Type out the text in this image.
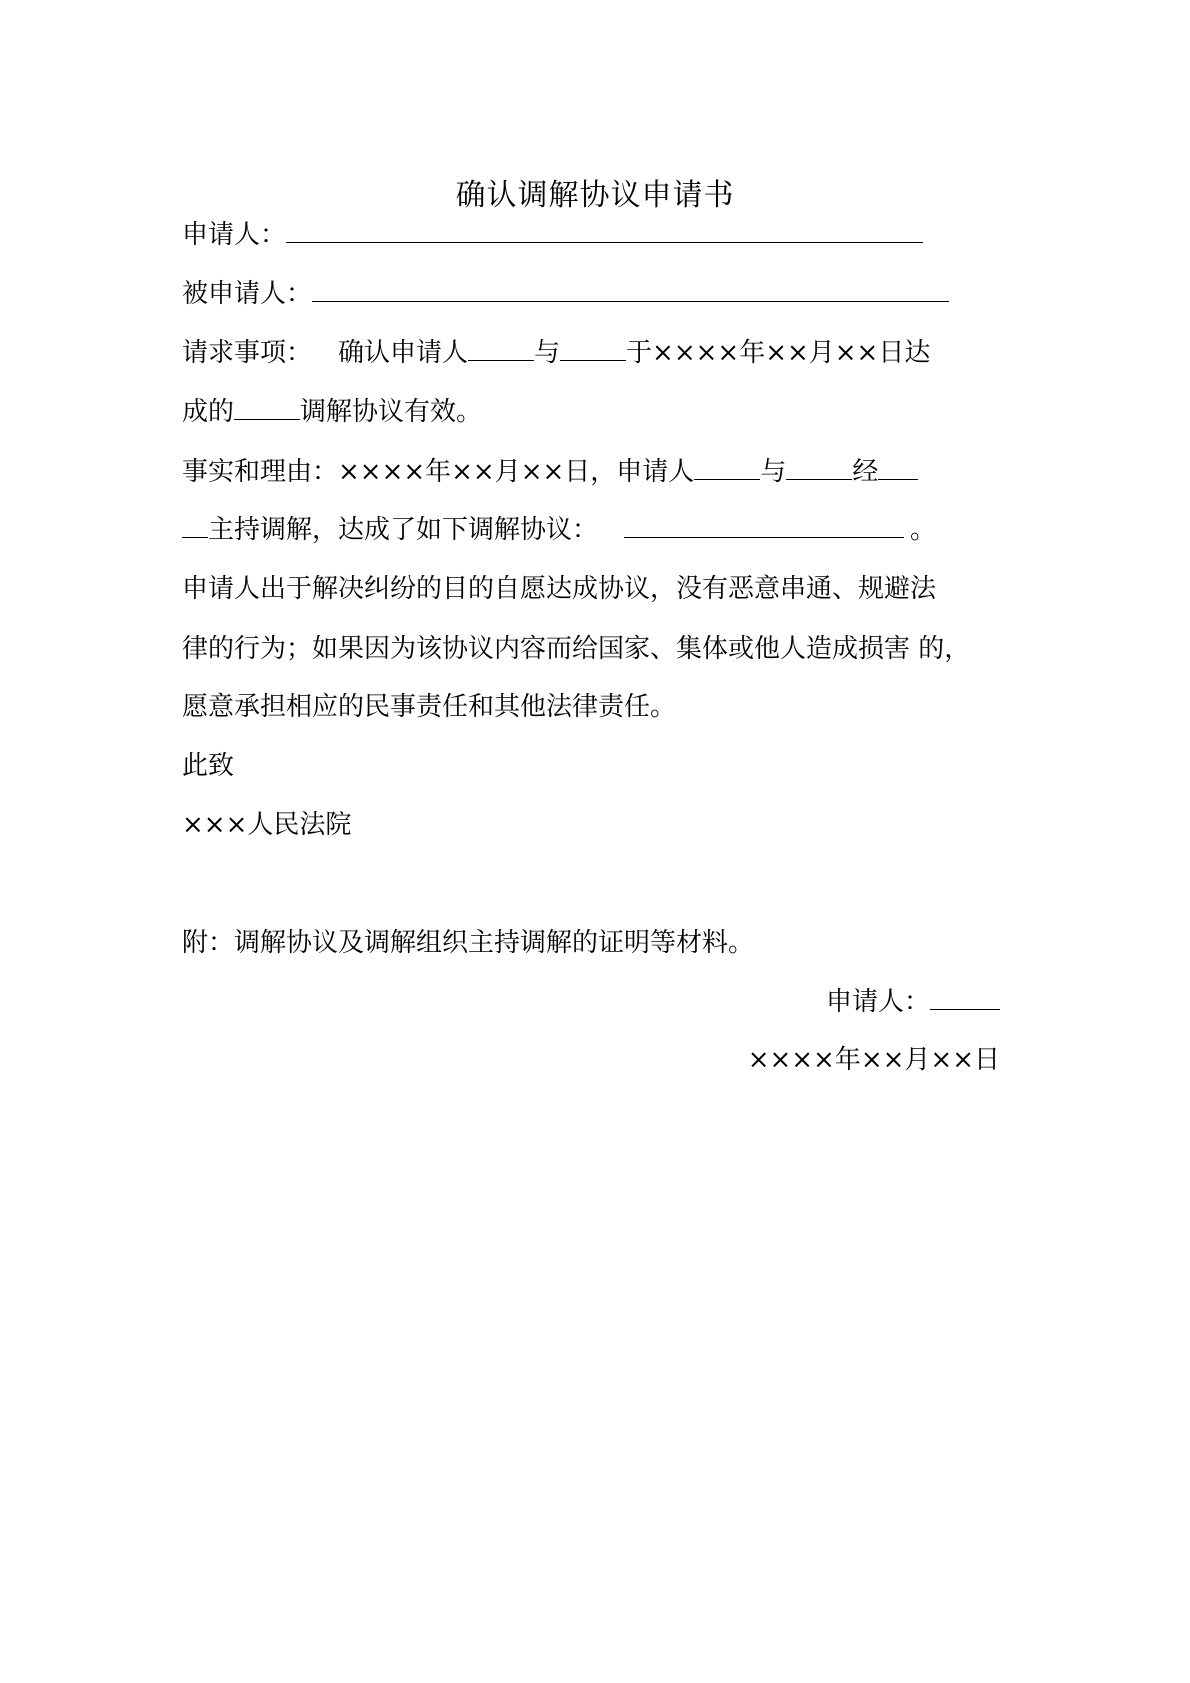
确认调解协议申请书
申请人：
被申请人：
请求事项： 确认申请人	与	于××××年××月××日达
成的	调解协议有效。
事实和理由：××××年××月××日，申请人	与	经
主持调解，达成了如下调解协议：	。
申请人出于解决纠纷的目的自愿达成协议，没有恶意串通、规避法
律的行为；如果因为该协议内容而给国家、集体或他人造成损害 的，
愿意承担相应的民事责任和其他法律责任。
此致
×××人民法院
附：调解协议及调解组织主持调解的证明等材料。
申请人：
××××年××月××日
